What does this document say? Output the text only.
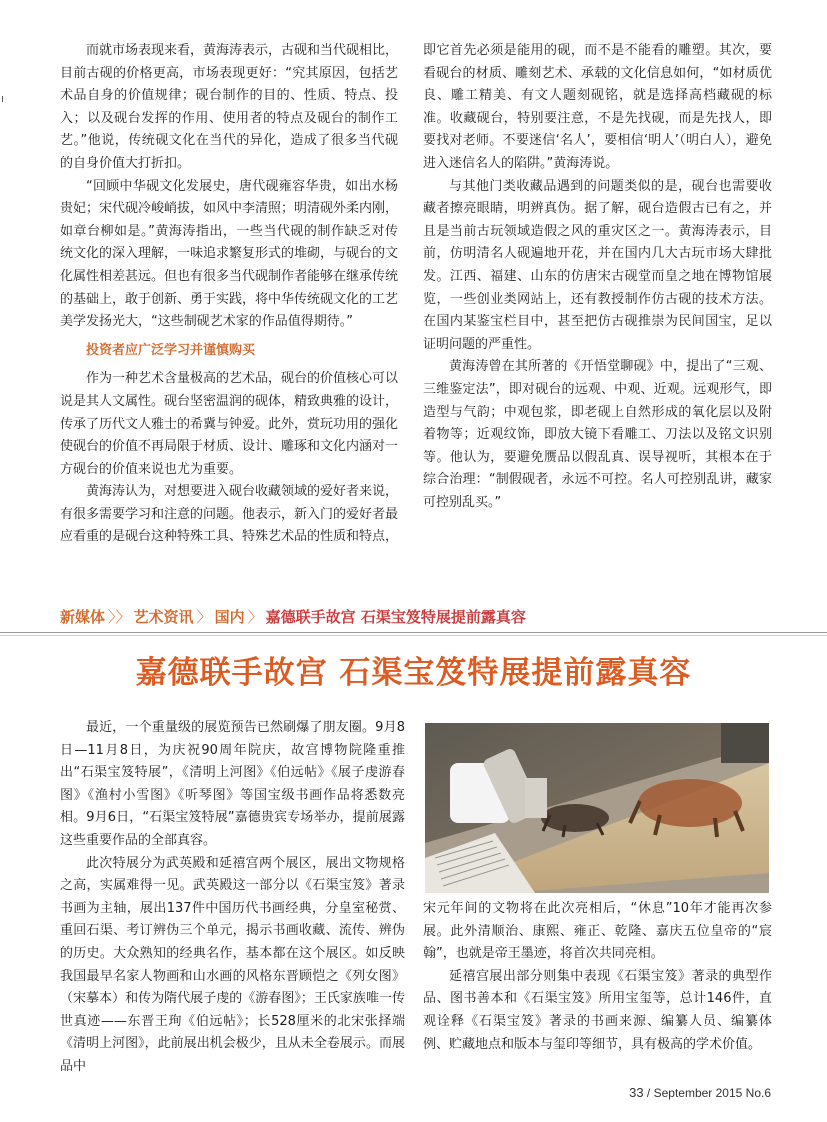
而就市场表现来看，黄海涛表示，古砚和当代砚相比，目前古砚的价格更高，市场表现更好：“究其原因，包括艺术品自身的价值规律；砚台制作的目的、性质、特点、投入；以及砚台发挥的作用、使用者的特点及砚台的制作工艺。”他说，传统砚文化在当代的异化，造成了很多当代砚的自身价值大打折扣。

“回顾中华砚文化发展史，唐代砚雍容华贵，如出水杨贵妃；宋代砚冷峻峭拔，如风中李清照；明清砚外柔内刚，如章台柳如是。”黄海涛指出，一些当代砚的制作缺乏对传统文化的深入理解，一味追求繁复形式的堆砌，与砚台的文化属性相差甚远。但也有很多当代砚制作者能够在继承传统的基础上，敢于创新、勇于实践，将中华传统砚文化的工艺美学发扬光大，“这些制砚艺术家的作品值得期待。”

投资者应广泛学习并谨慎购买

作为一种艺术含量极高的艺术品，砚台的价值核心可以说是其人文属性。砚台坚密温润的砚体，精致典雅的设计，传承了历代文人雅士的希冀与钟爱。此外，赏玩功用的强化使砚台的价值不再局限于材质、设计、雕琢和文化内涵对一方砚台的价值来说也尤为重要。

黄海涛认为，对想要进入砚台收藏领域的爱好者来说，有很多需要学习和注意的问题。他表示，新入门的爱好者最应看重的是砚台这种特殊工具、特殊艺术品的性质和特点，

即它首先必须是能用的砚，而不是不能看的雕塑。其次，要看砚台的材质、雕刻艺术、承载的文化信息如何，“如材质优良、雕工精美、有文人题刻砚铭，就是选择高档藏砚的标准。收藏砚台，特别要注意，不是先找砚，而是先找人，即要找对老师。不要迷信‘名人’，要相信‘明人’（明白人），避免进入迷信名人的陷阱。”黄海涛说。

与其他门类收藏品遇到的问题类似的是，砚台也需要收藏者擦亮眼睛，明辨真伪。据了解，砚台造假古已有之，并且是当前古玩领域造假之风的重灾区之一。黄海涛表示，目前，仿明清名人砚遍地开花，并在国内几大古玩市场大肆批发。江西、福建、山东的仿唐宋古砚堂而皇之地在博物馆展览，一些创业类网站上，还有教授制作仿古砚的技术方法。在国内某鉴宝栏目中，甚至把仿古砚推崇为民间国宝，足以证明问题的严重性。

黄海涛曾在其所著的《开悟堂聊砚》中，提出了“三观、三维鉴定法”，即对砚台的远观、中观、近观。远观形气，即造型与气韵；中观包浆，即老砚上自然形成的氧化层以及附着物等；近观纹饰，即放大镜下看雕工、刀法以及铭文识别等。他认为，要避免赝品以假乱真、误导视听，其根本在于综合治理：“制假砚者，永远不可控。名人可控别乱讲，藏家可控别乱买。”

新媒体 〉〉 艺术资讯 〉 国内 〉 嘉德联手故宫 石渠宝笈特展提前露真容
嘉德联手故宫 石渠宝笈特展提前露真容

最近，一个重量级的展览预告已然刷爆了朋友圈。9月8日—11月8日，为庆祝90周年院庆，故宫博物院隆重推出“石渠宝笈特展”，《清明上河图》《伯远帖》《展子虔游春图》《渔村小雪图》《听琴图》等国宝级书画作品将悉数亮相。9月6日，“石渠宝笈特展”嘉德贵宾专场举办，提前展露这些重要作品的全部真容。

此次特展分为武英殿和延禧宫两个展区，展出文物规格之高，实属难得一见。武英殿这一部分以《石渠宝笈》著录书画为主轴，展出137件中国历代书画经典，分皇室秘赏、重回石渠、考订辨伪三个单元，揭示书画收藏、流传、辨伪的历史。大众熟知的经典名作，基本都在这个展区。如反映我国最早名家人物画和山水画的风格东晋顾恺之《列女图》（宋摹本）和传为隋代展子虔的《游春图》；王氏家族唯一传世真迹——东晋王珣《伯远帖》；长528厘米的北宋张择端《清明上河图》，此前展出机会极少，且从未全卷展示。而展品中

宋元年间的文物将在此次亮相后，“休息”10年才能再次参展。此外清顺治、康熙、雍正、乾隆、嘉庆五位皇帝的“宸翰”，也就是帝王墨迹，将首次共同亮相。

延禧宫展出部分则集中表现《石渠宝笈》著录的典型作品、图书善本和《石渠宝笈》所用宝玺等，总计146件，直观诠释《石渠宝笈》著录的书画来源、编纂人员、编纂体例、贮藏地点和版本与玺印等细节，具有极高的学术价值。

33 / September 2015 No.6
